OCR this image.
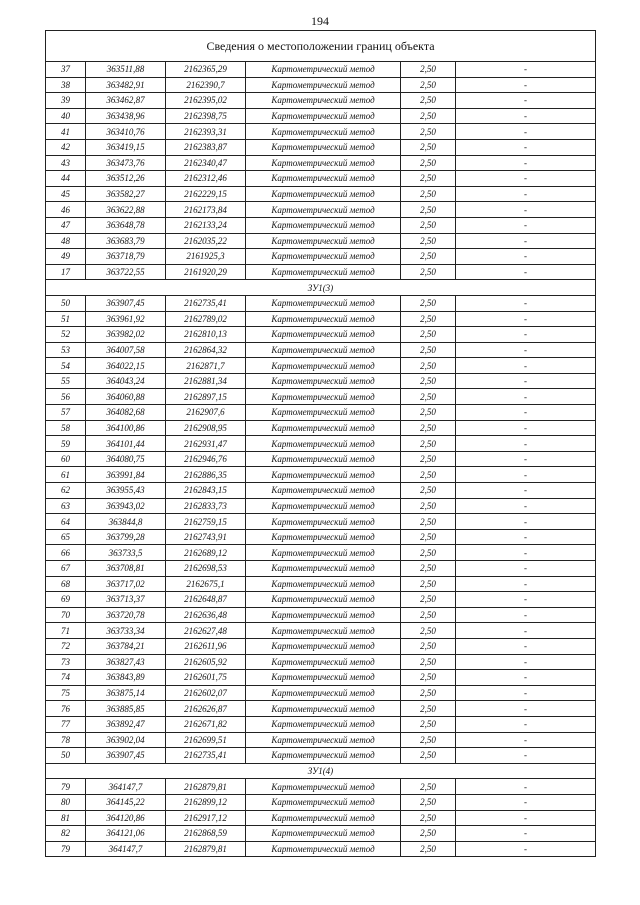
194
Сведения о местоположении границ объекта					
37	363511,88	2162365,29	Картометрический метод	2,50	-
38	363482,91	2162390,7	Картометрический метод	2,50	-
39	363462,87	2162395,02	Картометрический метод	2,50	-
40	363438,96	2162398,75	Картометрический метод	2,50	-
41	363410,76	2162393,31	Картометрический метод	2,50	-
42	363419,15	2162383,87	Картометрический метод	2,50	-
43	363473,76	2162340,47	Картометрический метод	2,50	-
44	363512,26	2162312,46	Картометрический метод	2,50	-
45	363582,27	2162229,15	Картометрический метод	2,50	-
46	363622,88	2162173,84	Картометрический метод	2,50	-
47	363648,78	2162133,24	Картометрический метод	2,50	-
48	363683,79	2162035,22	Картометрический метод	2,50	-
49	363718,79	2161925,3	Картометрический метод	2,50	-
17	363722,55	2161920,29	Картометрический метод	2,50	-
ЗУ1(3)					
50	363907,45	2162735,41	Картометрический метод	2,50	-
51	363961,92	2162789,02	Картометрический метод	2,50	-
52	363982,02	2162810,13	Картометрический метод	2,50	-
53	364007,58	2162864,32	Картометрический метод	2,50	-
54	364022,15	2162871,7	Картометрический метод	2,50	-
55	364043,24	2162881,34	Картометрический метод	2,50	-
56	364060,88	2162897,15	Картометрический метод	2,50	-
57	364082,68	2162907,6	Картометрический метод	2,50	-
58	364100,86	2162908,95	Картометрический метод	2,50	-
59	364101,44	2162931,47	Картометрический метод	2,50	-
60	364080,75	2162946,76	Картометрический метод	2,50	-
61	363991,84	2162886,35	Картометрический метод	2,50	-
62	363955,43	2162843,15	Картометрический метод	2,50	-
63	363943,02	2162833,73	Картометрический метод	2,50	-
64	363844,8	2162759,15	Картометрический метод	2,50	-
65	363799,28	2162743,91	Картометрический метод	2,50	-
66	363733,5	2162689,12	Картометрический метод	2,50	-
67	363708,81	2162698,53	Картометрический метод	2,50	-
68	363717,02	2162675,1	Картометрический метод	2,50	-
69	363713,37	2162648,87	Картометрический метод	2,50	-
70	363720,78	2162636,48	Картометрический метод	2,50	-
71	363733,34	2162627,48	Картометрический метод	2,50	-
72	363784,21	2162611,96	Картометрический метод	2,50	-
73	363827,43	2162605,92	Картометрический метод	2,50	-
74	363843,89	2162601,75	Картометрический метод	2,50	-
75	363875,14	2162602,07	Картометрический метод	2,50	-
76	363885,85	2162626,87	Картометрический метод	2,50	-
77	363892,47	2162671,82	Картометрический метод	2,50	-
78	363902,04	2162699,51	Картометрический метод	2,50	-
50	363907,45	2162735,41	Картометрический метод	2,50	-
ЗУ1(4)					
79	364147,7	2162879,81	Картометрический метод	2,50	-
80	364145,22	2162899,12	Картометрический метод	2,50	-
81	364120,86	2162917,12	Картометрический метод	2,50	-
82	364121,06	2162868,59	Картометрический метод	2,50	-
79	364147,7	2162879,81	Картометрический метод	2,50	-
